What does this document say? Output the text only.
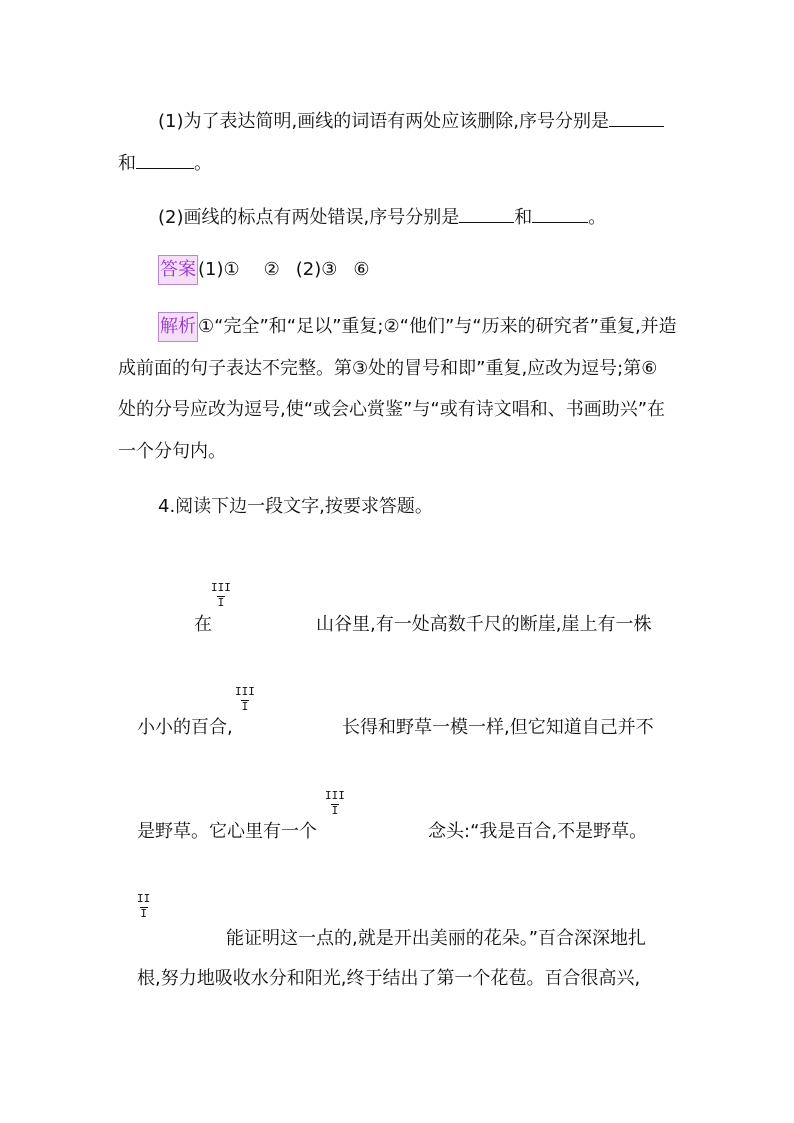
(1)为了表达简明,画线的词语有两处应该删除,序号分别是
和	。
(2)画线的标点有两处错误,序号分别是	和	。
答案 (1)① ② (2)③ ⑥
解析 ①“完全”和“足以”重复;②“他们”与“历来的研究者”重复,并造
成前面的句子表达不完整。第③处的冒号和即”重复,应改为逗号;第⑥
处的分号应改为逗号,使“或会心赏鉴”与“或有诗文唱和、书画助兴”在
一个分句内。
4.阅读下边一段文字,按要求答题。
III
I
在	山谷里,有一处高数千尺的断崖,崖上有一株
III
I
小小的百合,	长得和野草一模一样,但它知道自己并不
III
I
是野草。它心里有一个	念头:“我是百合,不是野草。
II
I
能证明这一点的,就是开出美丽的花朵。”百合深深地扎
根,努力地吸收水分和阳光,终于结出了第一个花苞。百合很高兴,
